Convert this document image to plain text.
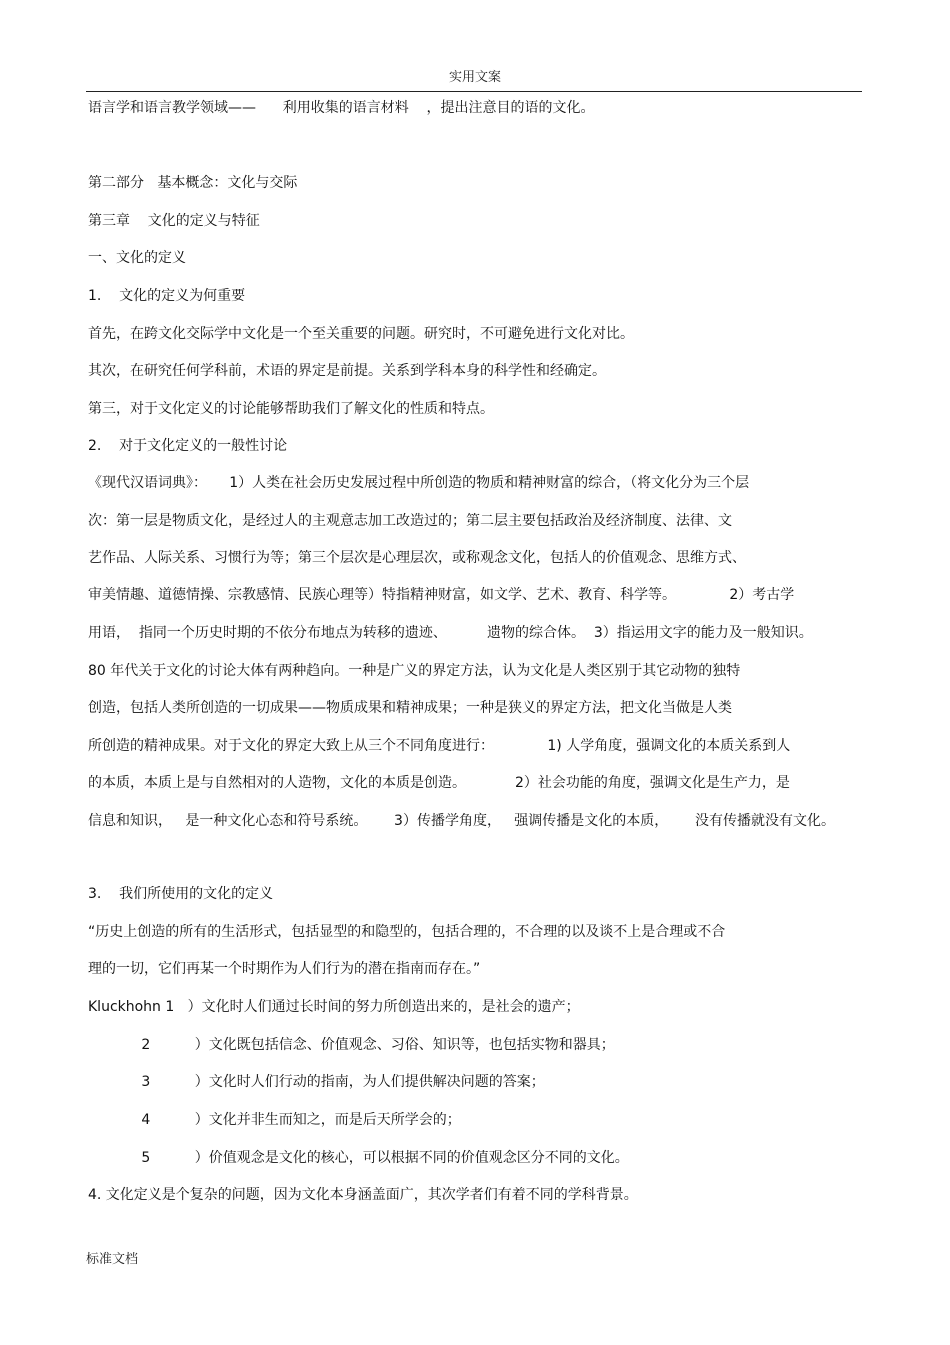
实用文案
语言学和语言教学领域——      利用收集的语言材料    ，提出注意目的语的文化。
第二部分   基本概念：文化与交际
第三章    文化的定义与特征
一、文化的定义
1.    文化的定义为何重要
首先，在跨文化交际学中文化是一个至关重要的问题。研究时，不可避免进行文化对比。
其次，在研究任何学科前，术语的界定是前提。关系到学科本身的科学性和经确定。
第三，对于文化定义的讨论能够帮助我们了解文化的性质和特点。
2.    对于文化定义的一般性讨论
《现代汉语词典》：     1）人类在社会历史发展过程中所创造的物质和精神财富的综合，（将文化分为三个层
次：第一层是物质文化，是经过人的主观意志加工改造过的；第二层主要包括政治及经济制度、法律、文
艺作品、人际关系、习惯行为等；第三个层次是心理层次，或称观念文化，包括人的价值观念、思维方式、
审美情趣、道德情操、宗教感情、民族心理等）特指精神财富，如文学、艺术、教育、科学等。            2）考古学
用语，  指同一个历史时期的不依分布地点为转移的遗迹、         遗物的综合体。  3）指运用文字的能力及一般知识。
80 年代关于文化的讨论大体有两种趋向。一种是广义的界定方法，认为文化是人类区别于其它动物的独特
创造，包括人类所创造的一切成果——物质成果和精神成果；一种是狭义的界定方法，把文化当做是人类
所创造的精神成果。对于文化的界定大致上从三个不同角度进行：            1) 人学角度，强调文化的本质关系到人
的本质，本质上是与自然相对的人造物，文化的本质是创造。           2）社会功能的角度，强调文化是生产力，是
信息和知识，   是一种文化心态和符号系统。      3）传播学角度，   强调传播是文化的本质，      没有传播就没有文化。
3.    我们所使用的文化的定义
“历史上创造的所有的生活形式，包括显型的和隐型的，包括合理的，不合理的以及谈不上是合理或不合
理的一切，它们再某一个时期作为人们行为的潜在指南而存在。”
Kluckhohn 1   ）文化时人们通过长时间的努力所创造出来的，是社会的遗产；
2          ）文化既包括信念、价值观念、习俗、知识等，也包括实物和器具；
3          ）文化时人们行动的指南，为人们提供解决问题的答案；
4          ）文化并非生而知之，而是后天所学会的；
5          ）价值观念是文化的核心，可以根据不同的价值观念区分不同的文化。
4. 文化定义是个复杂的问题，因为文化本身涵盖面广，其次学者们有着不同的学科背景。
标准文档
